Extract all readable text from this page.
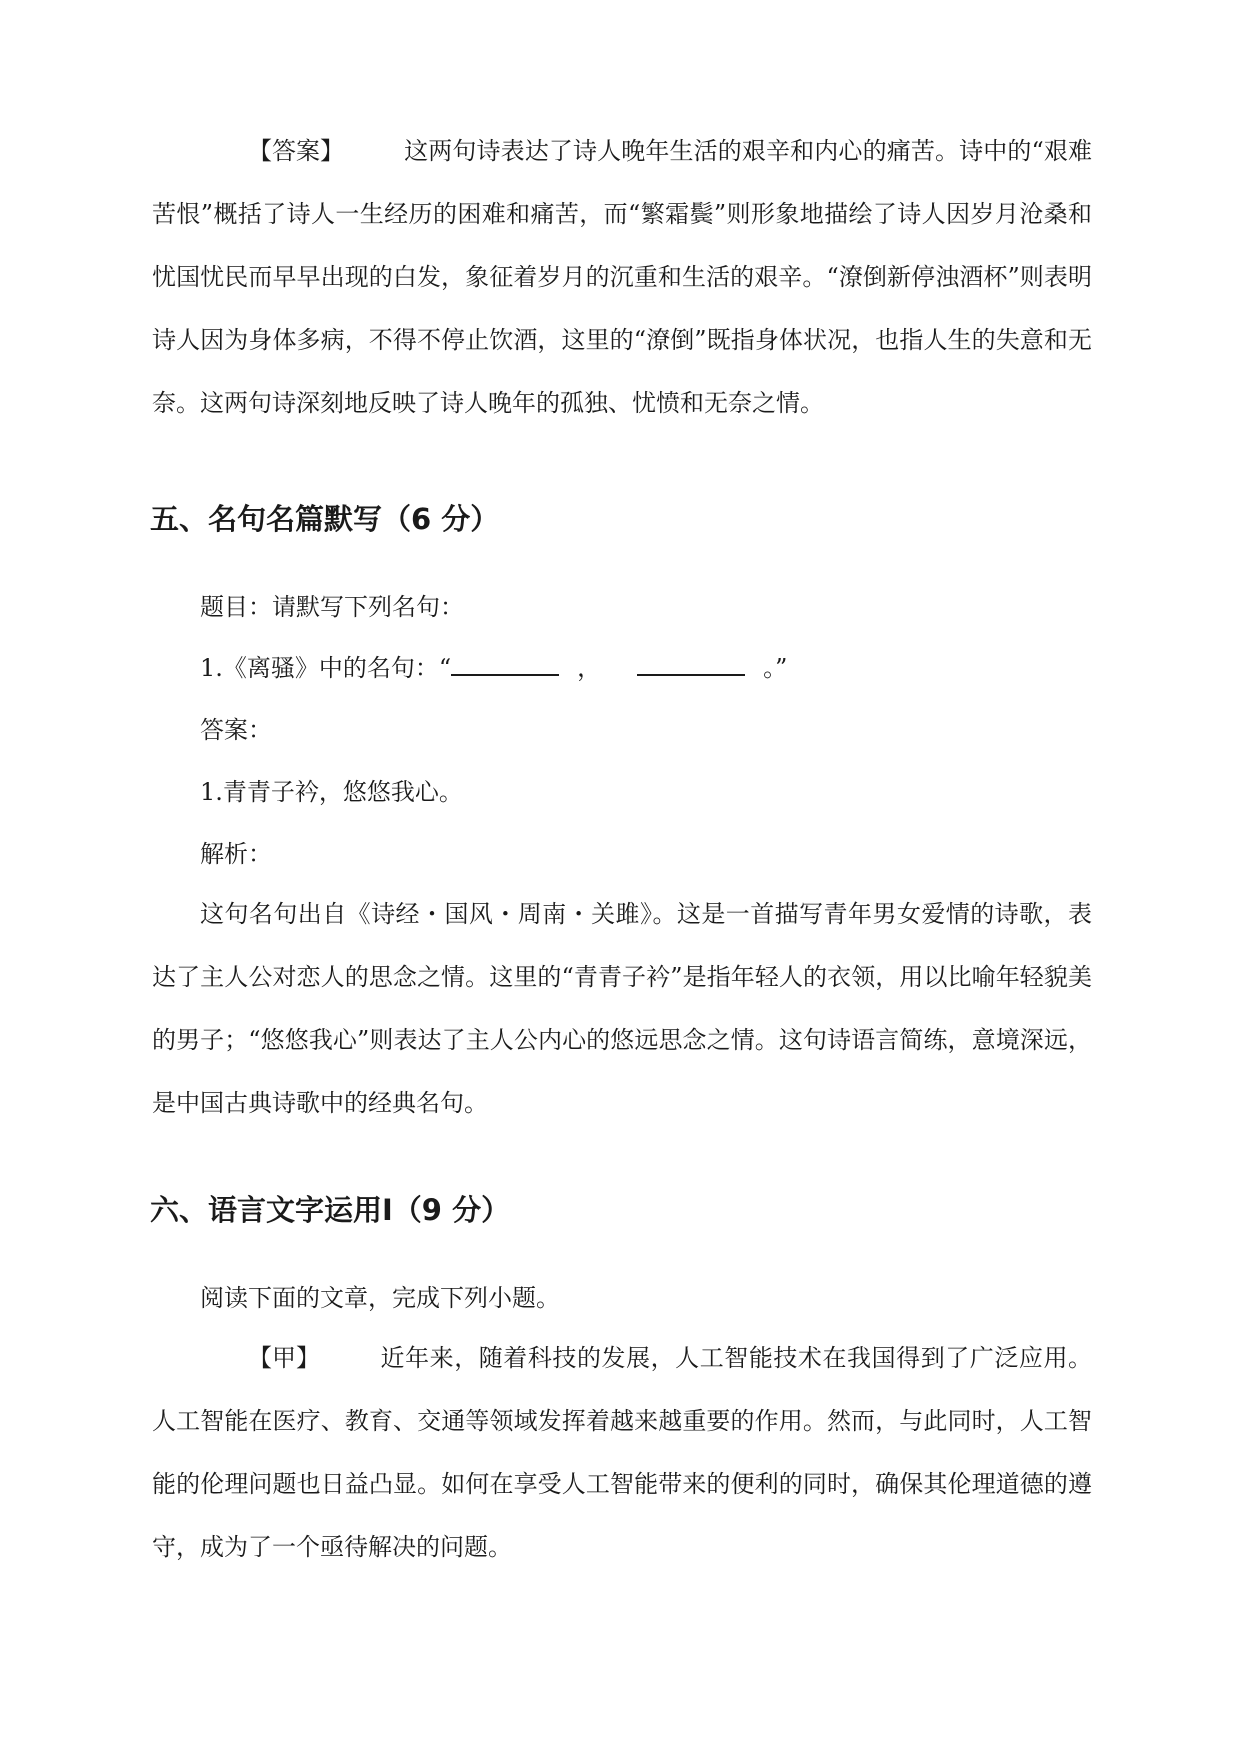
【答案】	这两句诗表达了诗人晚年生活的艰辛和内心的痛苦。诗中的“艰难苦恨”概括了诗人一生经历的困难和痛苦，而“繁霜鬓”则形象地描绘了诗人因岁月沧桑和忧国忧民而早早出现的白发，象征着岁月的沉重和生活的艰辛。“潦倒新停浊酒杯”则表明诗人因为身体多病，不得不停止饮酒，这里的“潦倒”既指身体状况，也指人生的失意和无奈。这两句诗深刻地反映了诗人晚年的孤独、忧愤和无奈之情。

五、名句名篇默写（6 分）
题目：请默写下列名句：
1.《离骚》中的名句：“	，	。”
答案：
1.青青子衿，悠悠我心。
解析：

这句名句出自《诗经・国风・周南・关雎》。这是一首描写青年男女爱情的诗歌，表达了主人公对恋人的思念之情。这里的“青青子衿”是指年轻人的衣领，用以比喻年轻貌美的男子；“悠悠我心”则表达了主人公内心的悠远思念之情。这句诗语言简练，意境深远，是中国古典诗歌中的经典名句。

六、语言文字运用Ⅰ（9 分）
阅读下面的文章，完成下列小题。

【甲】	近年来，随着科技的发展，人工智能技术在我国得到了广泛应用。人工智能在医疗、教育、交通等领域发挥着越来越重要的作用。然而，与此同时，人工智能的伦理问题也日益凸显。如何在享受人工智能带来的便利的同时，确保其伦理道德的遵守，成为了一个亟待解决的问题。
